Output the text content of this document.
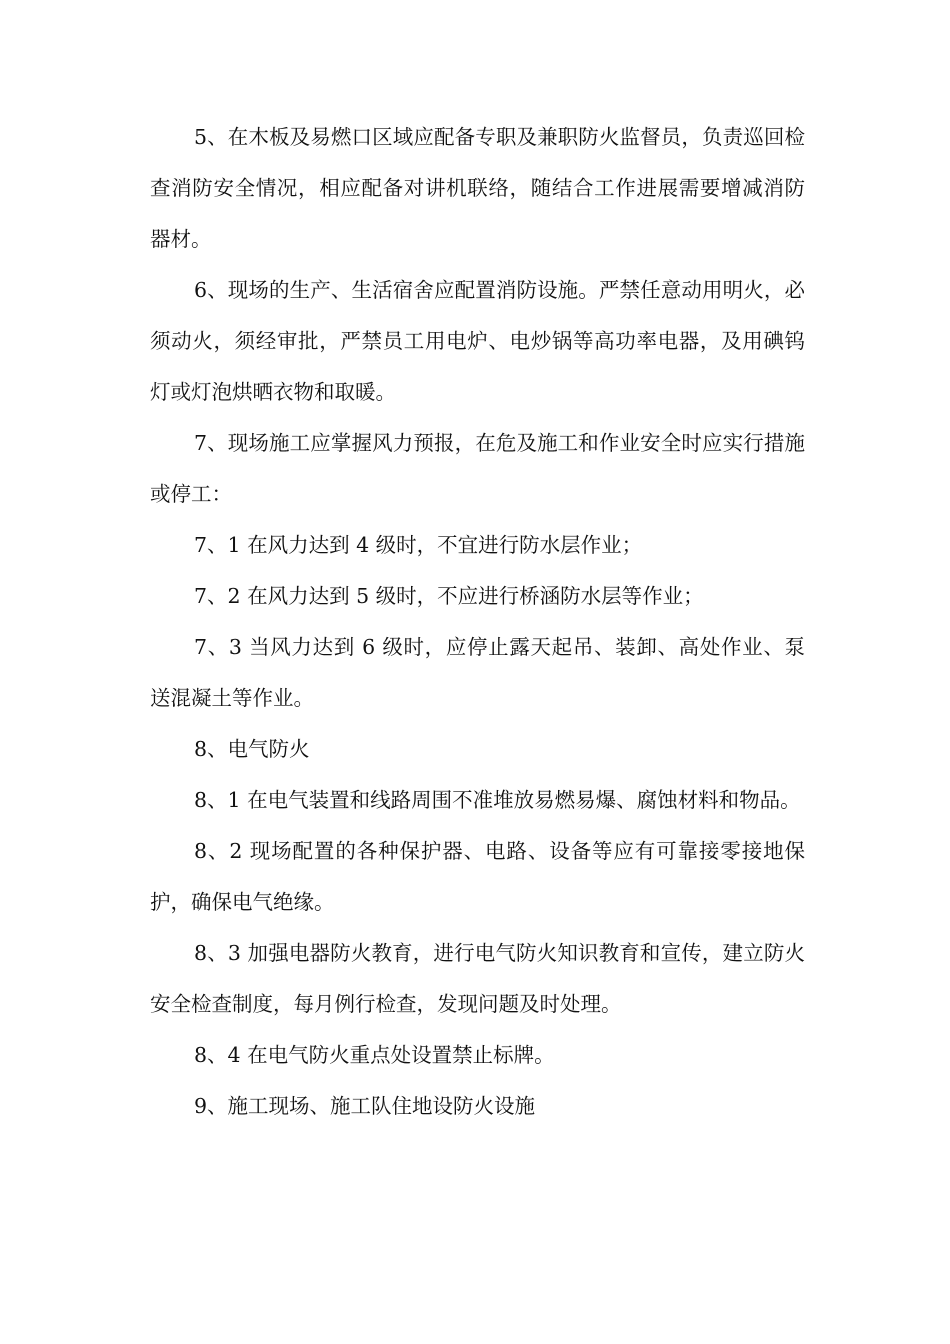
5、在木板及易燃口区域应配备专职及兼职防火监督员，负责巡回检查消防安全情况，相应配备对讲机联络，随结合工作进展需要增减消防器材。

6、现场的生产、生活宿舍应配置消防设施。严禁任意动用明火，必须动火，须经审批，严禁员工用电炉、电炒锅等高功率电器，及用碘钨灯或灯泡烘晒衣物和取暖。

7、现场施工应掌握风力预报，在危及施工和作业安全时应实行措施或停工：

7、1 在风力达到 4 级时，不宜进行防水层作业；

7、2 在风力达到 5 级时，不应进行桥涵防水层等作业；

7、3 当风力达到 6 级时，应停止露天起吊、装卸、高处作业、泵送混凝土等作业。

8、电气防火

8、1 在电气装置和线路周围不准堆放易燃易爆、腐蚀材料和物品。

8、2 现场配置的各种保护器、电路、设备等应有可靠接零接地保护，确保电气绝缘。

8、3 加强电器防火教育，进行电气防火知识教育和宣传，建立防火安全检查制度，每月例行检查，发现问题及时处理。

8、4 在电气防火重点处设置禁止标牌。

9、施工现场、施工队住地设防火设施
